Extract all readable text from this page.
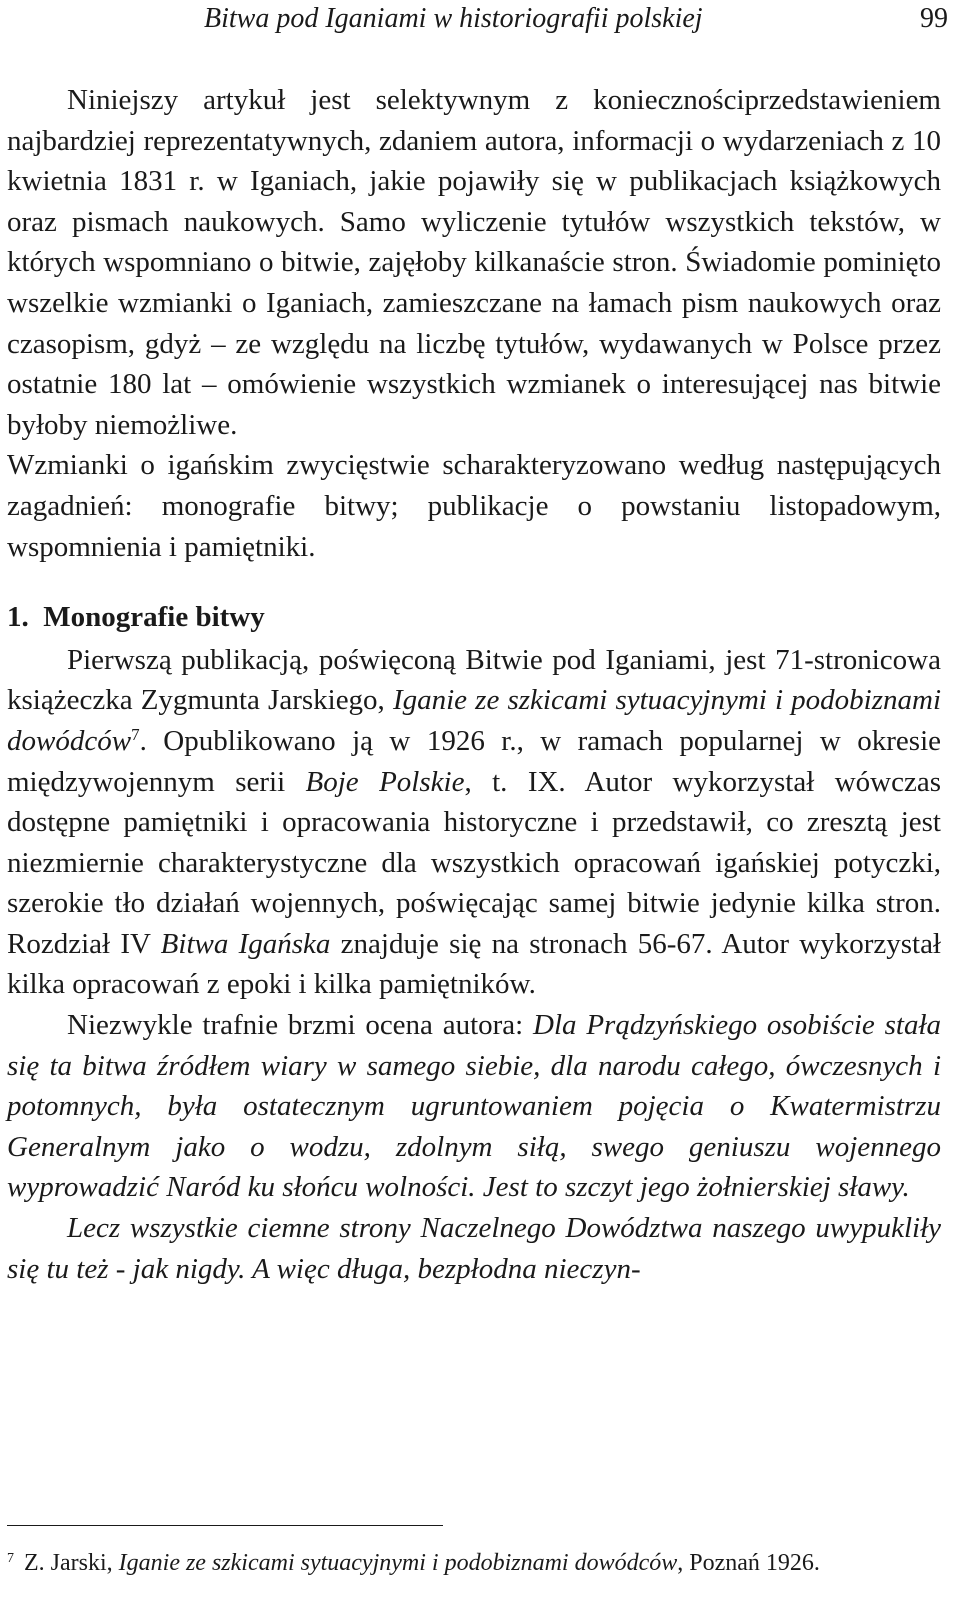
Bitwa pod Iganiami w historiografii polskiej	99

Niniejszy artykuł jest selektywnym z koniecznościprzedstawieniem najbardziej reprezentatywnych, zdaniem autora, informacji o wydarzeniach z 10 kwietnia 1831 r. w Iganiach, jakie pojawiły się w publikacjach książkowych oraz pismach naukowych. Samo wyliczenie tytułów wszystkich tekstów, w których wspomniano o bitwie, zajęłoby kilkanaście stron. Świadomie pominięto wszelkie wzmianki o Iganiach, zamieszczane na łamach pism naukowych oraz czasopism, gdyż – ze względu na liczbę tytułów, wydawanych w Polsce przez ostatnie 180 lat – omówienie wszystkich wzmianek o interesującej nas bitwie byłoby niemożliwe.

Wzmianki o igańskim zwycięstwie scharakteryzowano według następujących zagadnień: monografie bitwy; publikacje o powstaniu listopadowym, wspomnienia i pamiętniki.

1. Monografie bitwy

Pierwszą publikacją, poświęconą Bitwie pod Iganiami, jest 71-stronicowa książeczka Zygmunta Jarskiego, Iganie ze szkicami sytuacyjnymi i podobiznami dowódców$^7$. Opublikowano ją w 1926 r., w ramach popularnej w okresie międzywojennym serii Boje Polskie, t. IX. Autor wykorzystał wówczas dostępne pamiętniki i opracowania historyczne i przedstawił, co zresztą jest niezmiernie charakterystyczne dla wszystkich opracowań igańskiej potyczki, szerokie tło działań wojennych, poświęcając samej bitwie jedynie kilka stron. Rozdział IV Bitwa Igańska znajduje się na stronach 56-67. Autor wykorzystał kilka opracowań z epoki i kilka pamiętników.

Niezwykle trafnie brzmi ocena autora: Dla Prądzyńskiego osobiście stała się ta bitwa źródłem wiary w samego siebie, dla narodu całego, ówczesnych i potomnych, była ostatecznym ugruntowaniem pojęcia o Kwatermistrzu Generalnym jako o wodzu, zdolnym siłą, swego geniuszu wojennego wyprowadzić Naród ku słońcu wolności. Jest to szczyt jego żołnierskiej sławy.

Lecz wszystkie ciemne strony Naczelnego Dowództwa naszego uwypukliły się tu też - jak nigdy. A więc długa, bezpłodna nieczyn-

$^7$ Z. Jarski, Iganie ze szkicami sytuacyjnymi i podobiznami dowódców, Poznań 1926.
